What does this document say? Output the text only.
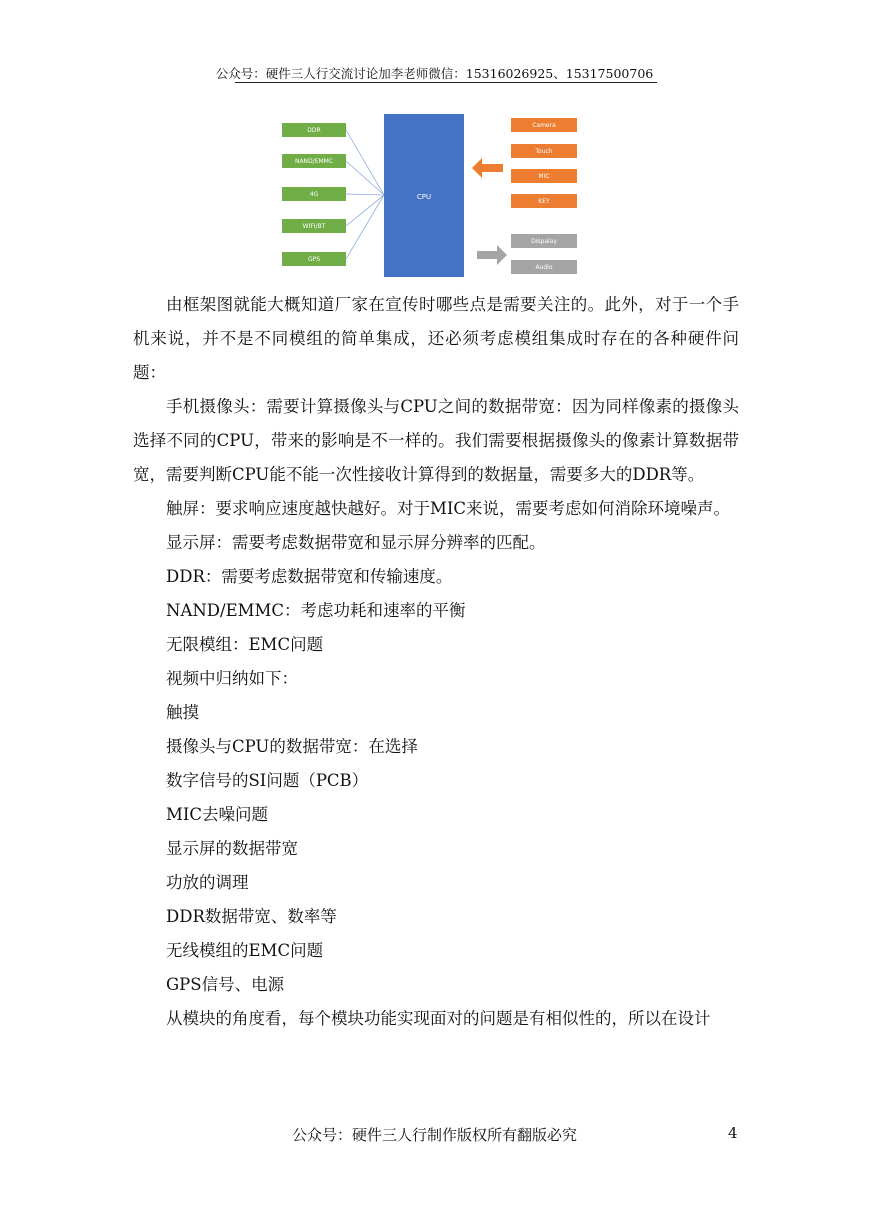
公众号：硬件三人行交流讨论加李老师微信：15316026925、15317500706
CPU
DDR
NAND/EMMC
4G
WIFI/BT
GPS
Camera
Touch
MIC
KEY
Dispalay
Audio

由框架图就能大概知道厂家在宣传时哪些点是需要关注的。此外，对于一个手机来说，并不是不同模组的简单集成，还必须考虑模组集成时存在的各种硬件问题：

手机摄像头：需要计算摄像头与CPU之间的数据带宽：因为同样像素的摄像头选择不同的CPU，带来的影响是不一样的。我们需要根据摄像头的像素计算数据带宽，需要判断CPU能不能一次性接收计算得到的数据量，需要多大的DDR等。

触屏：要求响应速度越快越好。对于MIC来说，需要考虑如何消除环境噪声。

显示屏：需要考虑数据带宽和显示屏分辨率的匹配。

DDR：需要考虑数据带宽和传输速度。

NAND/EMMC：考虑功耗和速率的平衡

无限模组：EMC问题

视频中归纳如下：

触摸

摄像头与CPU的数据带宽：在选择

数字信号的SI问题（PCB）

MIC去噪问题

显示屏的数据带宽

功放的调理

DDR数据带宽、数率等

无线模组的EMC问题

GPS信号、电源

从模块的角度看，每个模块功能实现面对的问题是有相似性的，所以在设计

公众号：硬件三人行制作版权所有翻版必究	4
